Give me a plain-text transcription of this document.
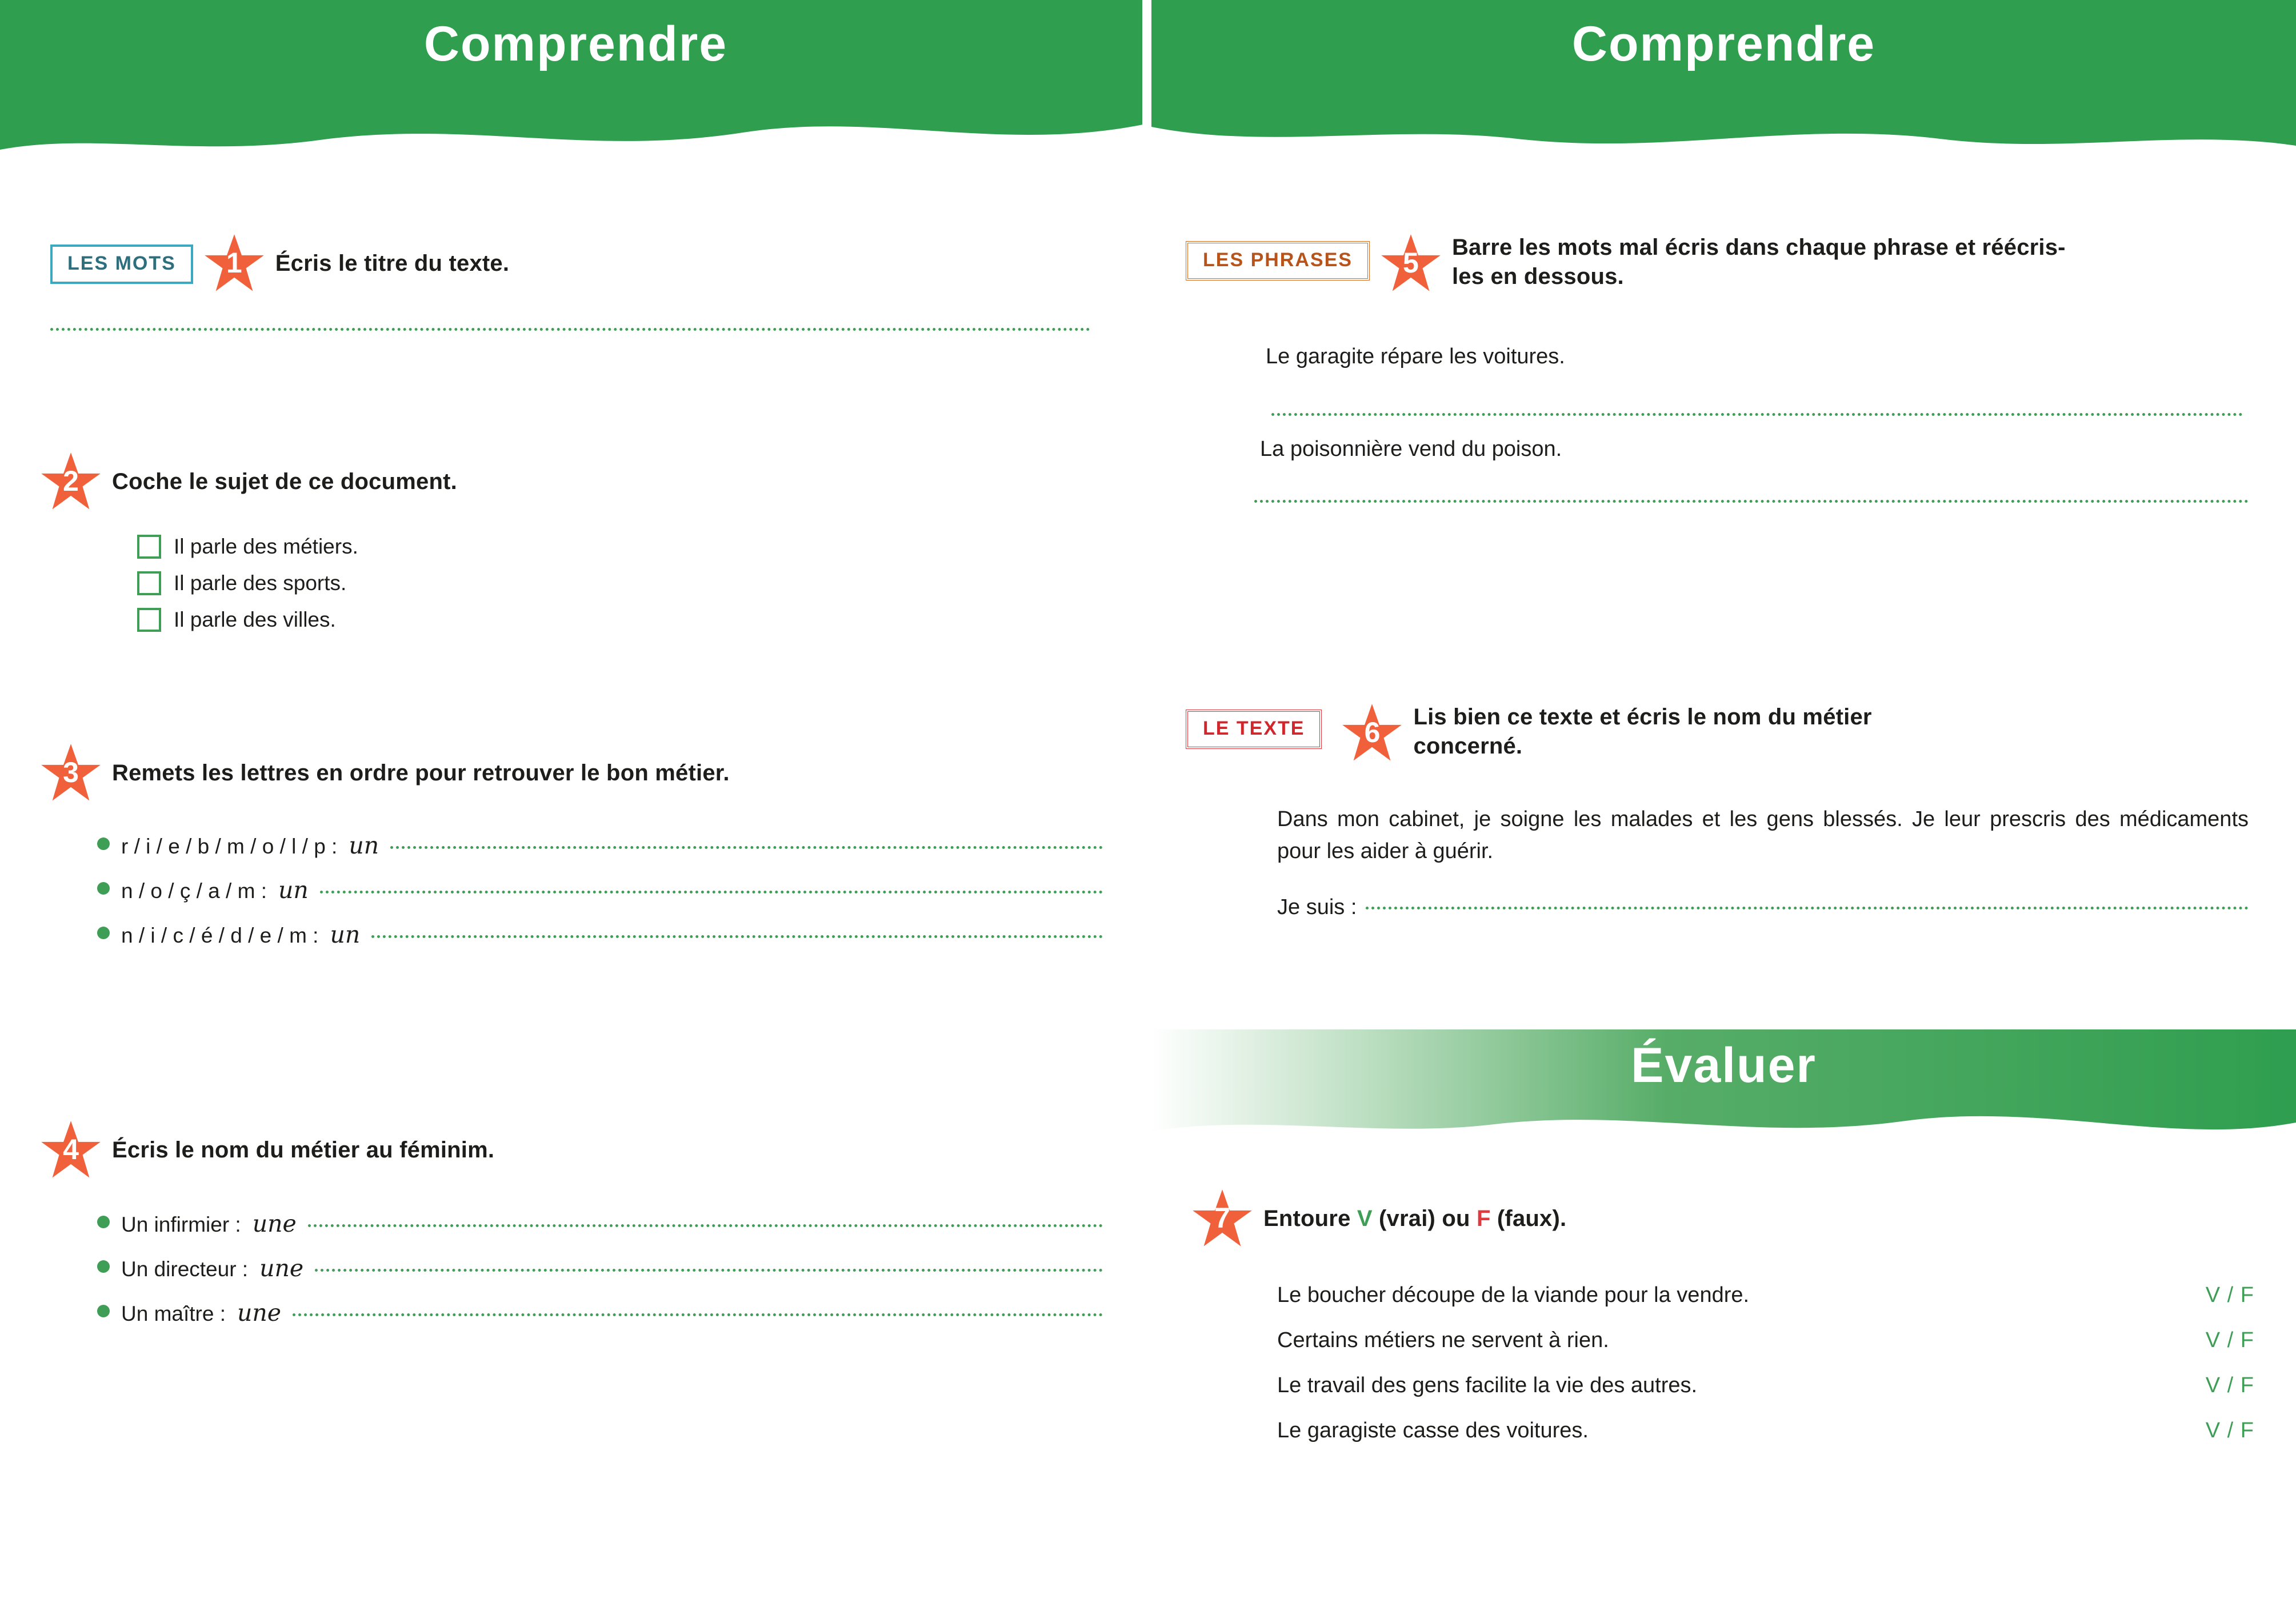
Comprendre
LES MOTS	1 Écris le titre du texte.
2 Coche le sujet de ce document.
Il parle des métiers.
Il parle des sports.
Il parle des villes.
3 Remets les lettres en ordre pour retrouver le bon métier.
r / i / e / b / m / o / l / p : un
n / o / ç / a / m : un
n / i / c / é / d / e / m : un
4 Écris le nom du métier au féminim.
Un infirmier : une
Un directeur : une
Un maître : une
Comprendre
LES PHRASES	5 Barre les mots mal écris dans chaque phrase et réécris-les en dessous.
Le garagite répare les voitures.
La poisonnière vend du poison.
LE TEXTE	6 Lis bien ce texte et écris le nom du métier concerné.
Dans mon cabinet, je soigne les malades et les gens blessés. Je leur prescris des médicaments pour les aider à guérir.
Je suis :
Évaluer
7 Entoure V (vrai) ou F (faux).
Le boucher découpe de la viande pour la vendre.	V / F
Certains métiers ne servent à rien.	V / F
Le travail des gens facilite la vie des autres.	V / F
Le garagiste casse des voitures.	V / F
